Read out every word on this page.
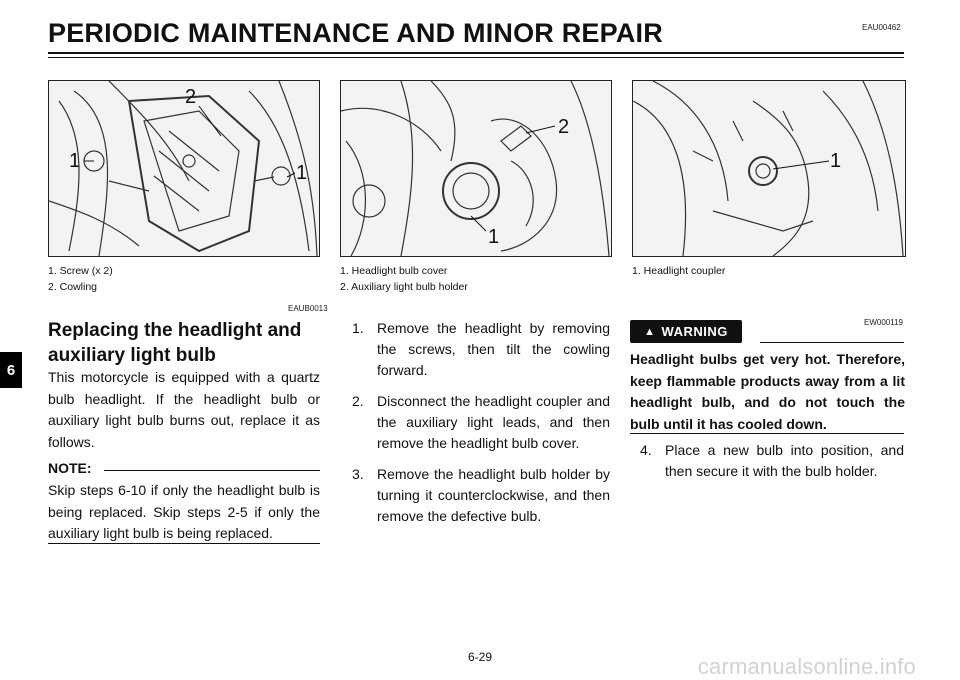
PERIODIC MAINTENANCE AND MINOR REPAIR	EAU00462
6
2
1
1
1. Screw (x 2)
2. Cowling
2
1
1. Headlight bulb cover
2. Auxiliary light bulb holder
1
1. Headlight coupler
EAUB0013
Replacing the headlight and auxiliary light bulb
This motorcycle is equipped with a quartz bulb headlight. If the headlight bulb or auxiliary light bulb burns out, replace it as follows.
NOTE:
Skip steps 6-10 if only the headlight bulb is being replaced. Skip steps 2-5 if only the auxiliary light bulb is being replaced.
1. Remove the headlight by removing the screws, then tilt the cowling forward.
2. Disconnect the headlight coupler and the auxiliary light leads, and then remove the headlight bulb cover.
3. Remove the headlight bulb holder by turning it counterclockwise, and then remove the defective bulb.
EW000119
▲ WARNING
Headlight bulbs get very hot. Therefore, keep flammable products away from a lit headlight bulb, and do not touch the bulb until it has cooled down.
4. Place a new bulb into position, and then secure it with the bulb holder.
6-29	carmanualsonline.info
